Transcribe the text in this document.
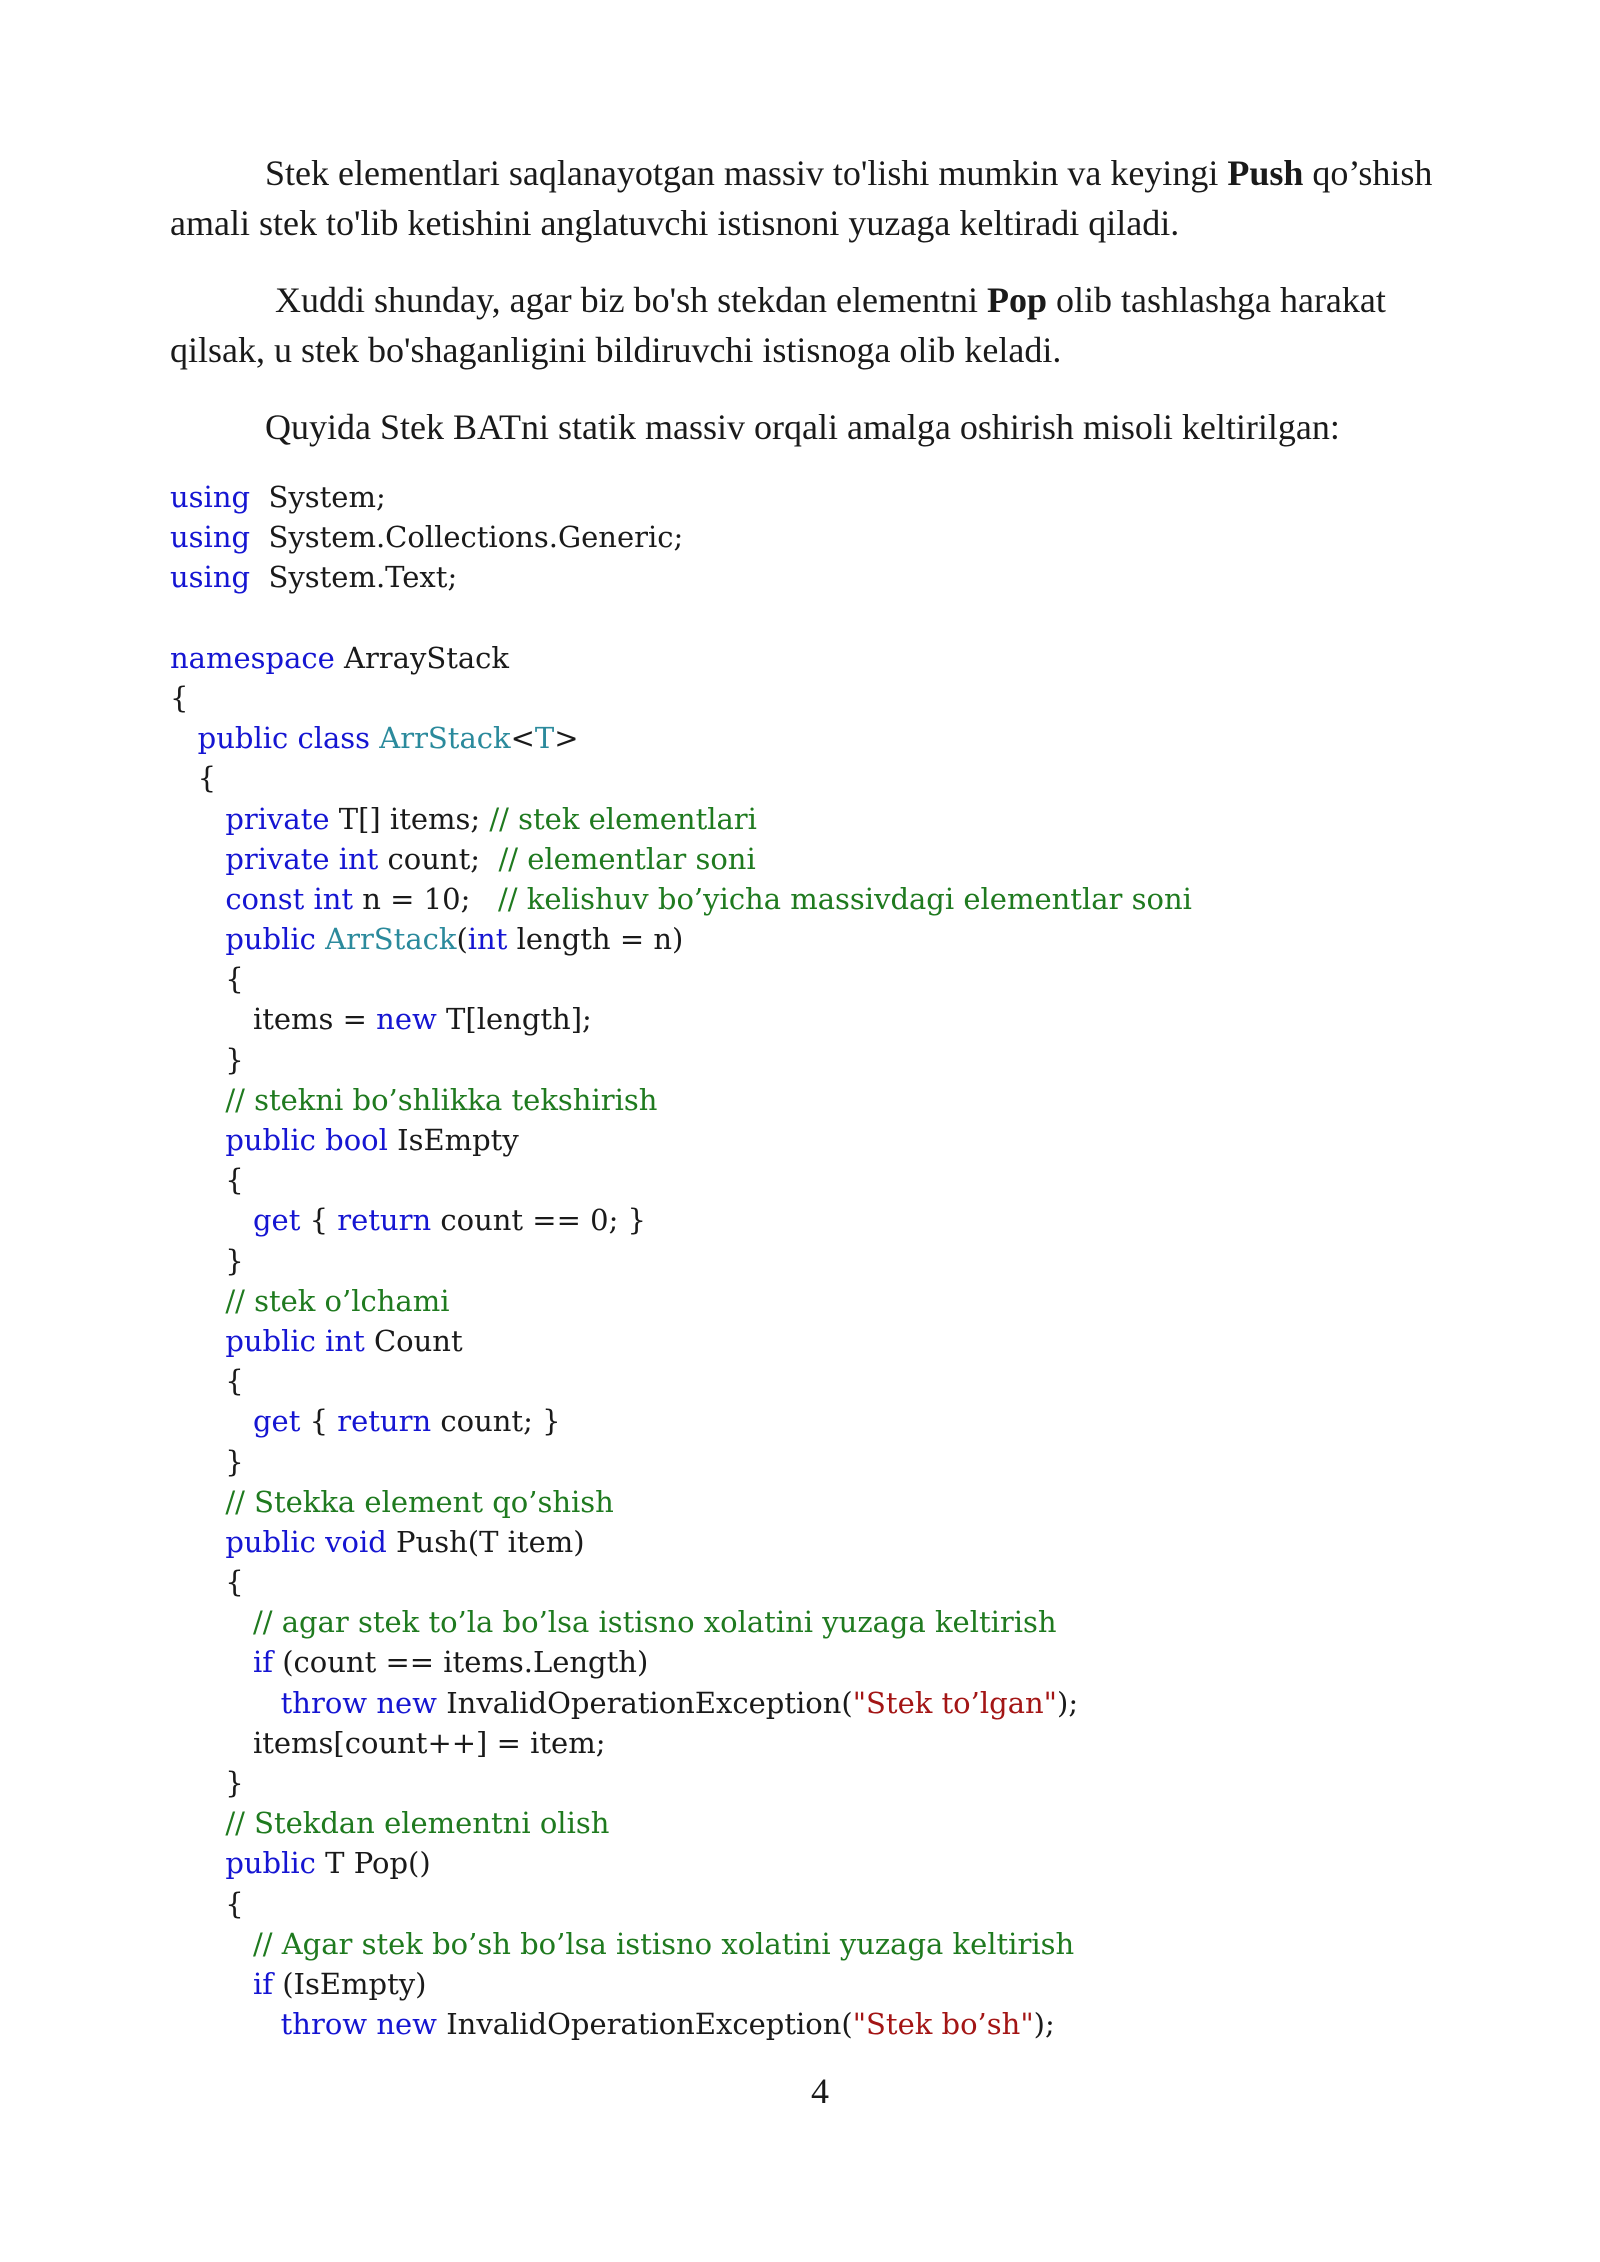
Stek elementlari saqlanayotgan massiv to'lishi mumkin va keyingi Push qo’shish amali stek to'lib ketishini anglatuvchi istisnoni yuzaga keltiradi qiladi.

Xuddi shunday, agar biz bo'sh stekdan elementni Pop olib tashlashga harakat qilsak, u stek bo'shaganligini bildiruvchi istisnoga olib keladi.

Quyida Stek BATni statik massiv orqali amalga oshirish misoli keltirilgan:

using  System;
using  System.Collections.Generic;
using  System.Text;

namespace ArrayStack
{
public class ArrStack<T>
{
private T[] items; // stek elementlari
private int count;  // elementlar soni
const int n = 10;   // kelishuv bo’yicha massivdagi elementlar soni
public ArrStack(int length = n)
{
items = new T[length];
}
// stekni bo’shlikka tekshirish
public bool IsEmpty
{
get { return count == 0; }
}
// stek o’lchami
public int Count
{
get { return count; }
}
// Stekka element qo’shish
public void Push(T item)
{
// agar stek to’la bo’lsa istisno xolatini yuzaga keltirish
if (count == items.Length)
throw new InvalidOperationException("Stek to’lgan");
items[count++] = item;
}
// Stekdan elementni olish
public T Pop()
{
// Agar stek bo’sh bo’lsa istisno xolatini yuzaga keltirish
if (IsEmpty)
throw new InvalidOperationException("Stek bo’sh");
4
